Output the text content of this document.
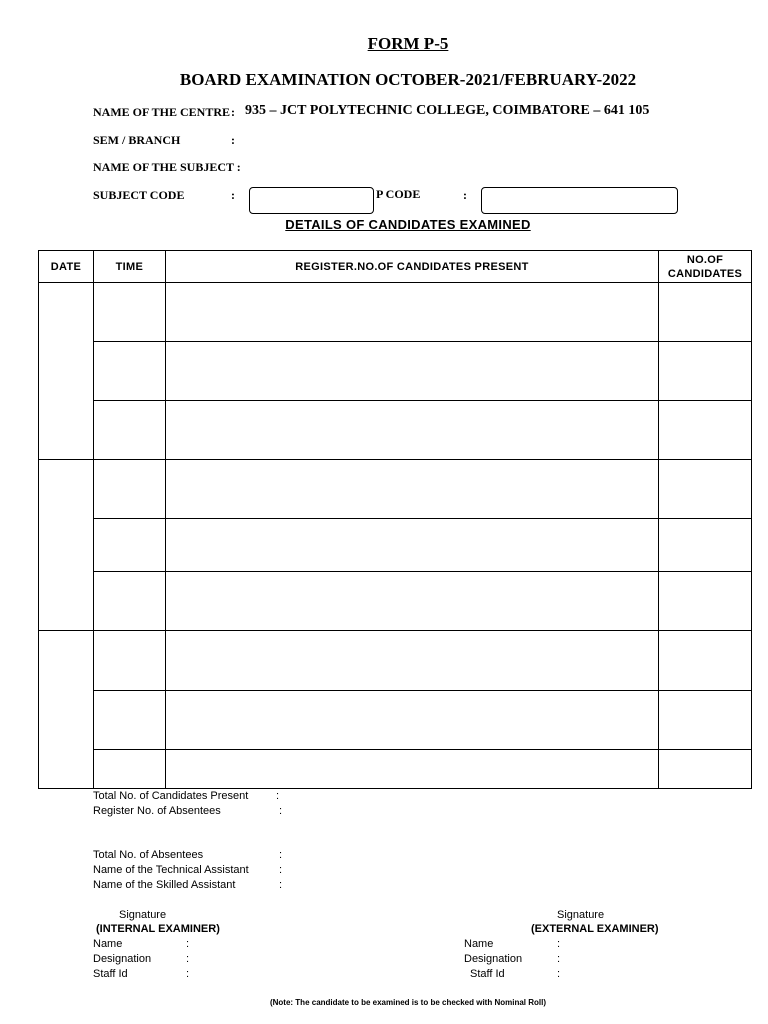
FORM P-5
BOARD EXAMINATION OCTOBER-2021/FEBRUARY-2022
NAME OF THE CENTRE : 935 – JCT POLYTECHNIC COLLEGE, COIMBATORE – 641 105
SEM / BRANCH	:
NAME OF THE SUBJECT :
SUBJECT CODE	:	P CODE	:
DETAILS OF CANDIDATES EXAMINED
DATE	TIME	REGISTER.NO.OF CANDIDATES PRESENT	NO.OF
CANDIDATES

Total No. of Candidates Present	:
Register No. of Absentees	:
Total No. of Absentees	:
Name of the Technical Assistant	:
Name of the Skilled Assistant	:
Signature
(INTERNAL EXAMINER)
Name	:
Designation	:
Staff Id	:
Signature
(EXTERNAL EXAMINER)
Name	:
Designation	:
Staff Id	:
(Note: The candidate to be examined is to be checked with Nominal Roll)
